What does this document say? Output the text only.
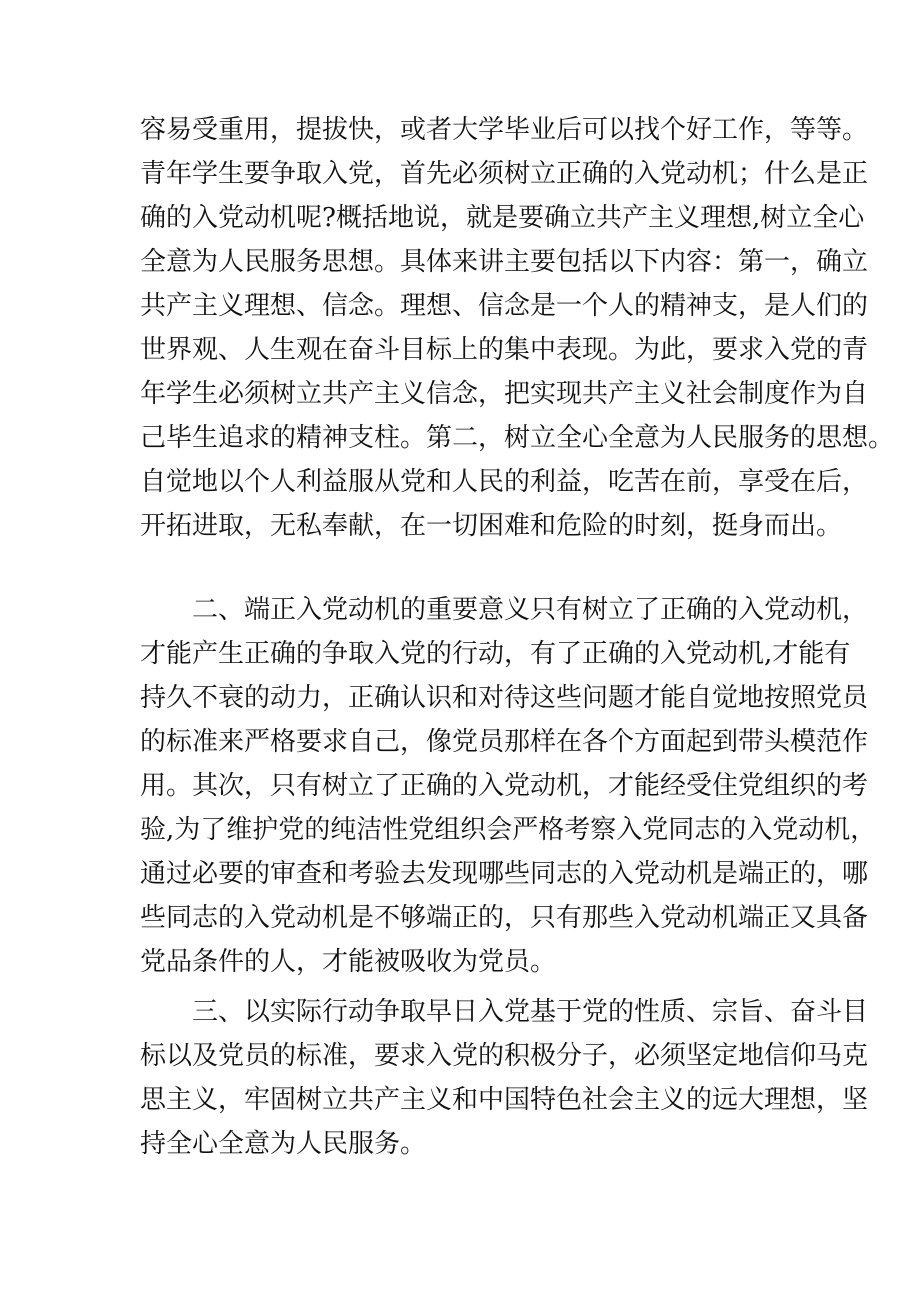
容易受重用，提拔快，或者大学毕业后可以找个好工作，等等。
青年学生要争取入党，首先必须树立正确的入党动机；什么是正
确的入党动机呢?概括地说，就是要确立共产主义理想,树立全心
全意为人民服务思想。具体来讲主要包括以下内容：第一，确立
共产主义理想、信念。理想、信念是一个人的精神支，是人们的
世界观、人生观在奋斗目标上的集中表现。为此，要求入党的青
年学生必须树立共产主义信念，把实现共产主义社会制度作为自
己毕生追求的精神支柱。第二，树立全心全意为人民服务的思想。
自觉地以个人利益服从党和人民的利益，吃苦在前，享受在后，
开拓进取，无私奉献，在一切困难和危险的时刻，挺身而出。
　　二、端正入党动机的重要意义只有树立了正确的入党动机，
才能产生正确的争取入党的行动，有了正确的入党动机,才能有
持久不衰的动力，正确认识和对待这些问题才能自觉地按照党员
的标准来严格要求自己，像党员那样在各个方面起到带头模范作
用。其次，只有树立了正确的入党动机，才能经受住党组织的考
验,为了维护党的纯洁性党组织会严格考察入党同志的入党动机，
通过必要的审查和考验去发现哪些同志的入党动机是端正的，哪
些同志的入党动机是不够端正的，只有那些入党动机端正又具备
党品条件的人，才能被吸收为党员。
　　三、以实际行动争取早日入党基于党的性质、宗旨、奋斗目
标以及党员的标准，要求入党的积极分子，必须坚定地信仰马克
思主义，牢固树立共产主义和中国特色社会主义的远大理想，坚
持全心全意为人民服务。
